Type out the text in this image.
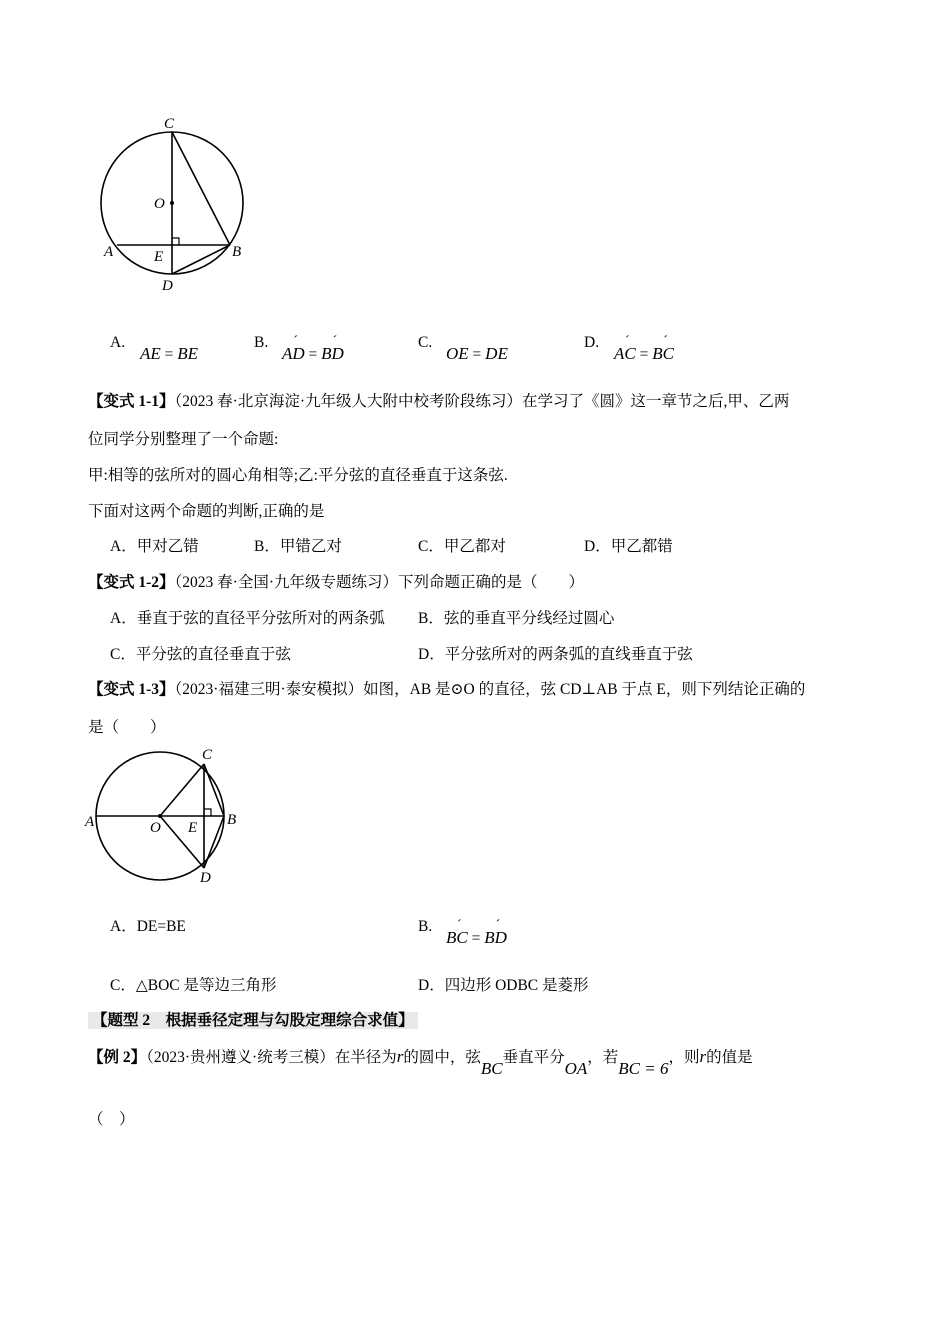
C
O
A	E	B
D
A.
AE = BE
B.
´ AD = ´ BD
C.
OE = DE
D.
´ AC = ´ BC
【变式 1-1】（2023 春·北京海淀·九年级人大附中校考阶段练习）在学习了《圆》这一章节之后,甲、乙两
位同学分别整理了一个命题:
甲:相等的弦所对的圆心角相等;乙:平分弦的直径垂直于这条弦.
下面对这两个命题的判断,正确的是
A．甲对乙错	B．甲错乙对	C．甲乙都对	D．甲乙都错
【变式 1-2】（2023 春·全国·九年级专题练习）下列命题正确的是（　　）
A．垂直于弦的直径平分弦所对的两条弧 B．弦的垂直平分线经过圆心
C．平分弦的直径垂直于弦	D．平分弦所对的两条弧的直线垂直于弦
【变式 1-3】（2023·福建三明·泰安模拟）如图，AB 是⊙O 的直径，弦 CD⊥AB 于点 E，则下列结论正确的
是（　　）
A	O E B
C
D
A．DE=BE	B.
´ BC = ´ BD
C．△BOC 是等边三角形	D．四边形 ODBC 是菱形
【题型 2　根据垂径定理与勾股定理综合求值】
【例 2】（2023·贵州遵义·统考三模）在半径为r的圆中，弦BC垂直平分OA，若BC = 6，则r的值是
（　）
